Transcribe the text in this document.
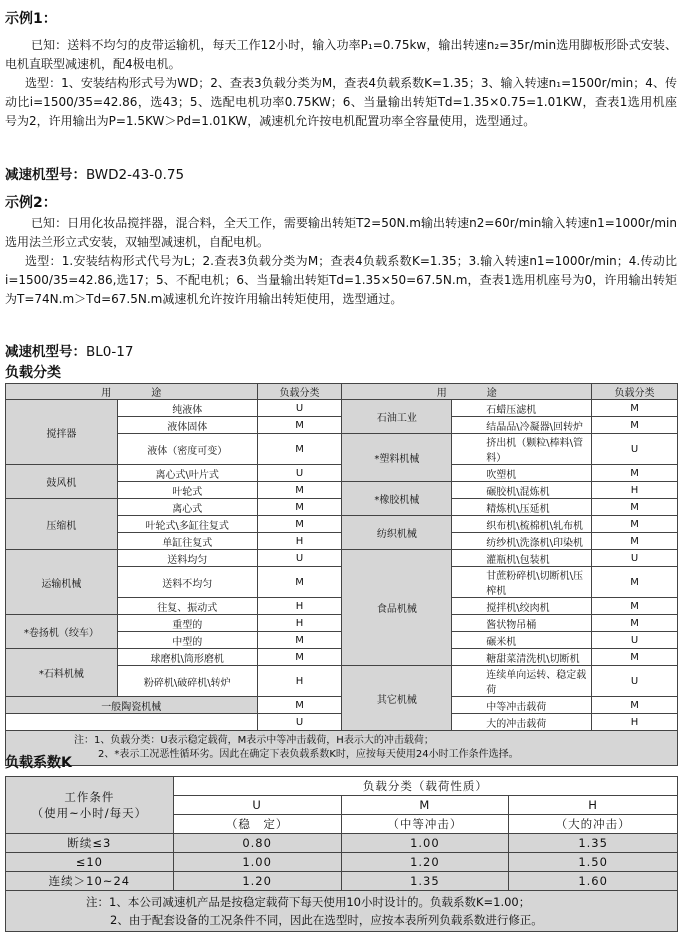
示例1：
已知：送料不均匀的皮带运输机，每天工作12小时，输入功率P₁=0.75kw，输出转速n₂=35r/min选用脚板形卧式安装、电机直联型减速机，配4极电机。
选型：1、安装结构形式号为WD；2、查表3负载分类为M，查表4负载系数K=1.35；3、输入转速n₁=1500r/min；4、传动比i=1500/35=42.86，选43；5、选配电机功率0.75KW；6、当量输出转矩Td=1.35×0.75=1.01KW，查表1选用机座号为2，许用输出为P=1.5KW＞Pd=1.01KW，减速机允许按电机配置功率全容量使用，选型通过。
减速机型号：BWD2-43-0.75
示例2：
已知：日用化妆品搅拌器，混合料，全天工作，需要输出转矩T2=50N.m输出转速n2=60r/min输入转速n1=1000r/min选用法兰形立式安装，双轴型减速机，自配电机。
选型：1.安装结构形式代号为L；2.查表3负载分类为M；查表4负载系数K=1.35；3.输入转速n1=1000r/min；4.传动比i=1500/35=42.86,选17；5、不配电机；6、当量输出转矩Td=1.35×50=67.5N.m，查表1选用机座号为0，许用输出转矩为T=74N.m＞Td=67.5N.m减速机允许按许用输出转矩使用，选型通过。
减速机型号：BL0-17
负载分类
用　　　　途		负载分类	用　　　　途		负载分类
搅拌器	纯液体	U	石油工业	石蜡压滤机	M
	液体固体	M		结晶品\冷凝器\回转炉	M
	液体（密度可变）	M	*塑料机械	挤出机（颗粒\棒料\管料）	U
鼓风机	离心式\叶片式	U		吹塑机	M
	叶轮式	M	*橡胶机械	碾胶机\混炼机	H
压缩机	离心式	M		精炼机\压延机	M
	叶轮式\多缸往复式	M	纺织机械	织布机\梳棉机\轧布机	M
	单缸往复式	H		纺纱机\洗涤机\印染机	M
运输机械	送料均匀	U	食品机械	灌瓶机\包装机	U
	送料不均匀	M		甘蔗粉碎机\切断机\压榨机	M
	往复、振动式	H		搅拌机\绞肉机	M
*卷扬机（绞车）	重型的	H		酱状物吊桶	M
	中型的	M		碾米机	U
*石料机械	球磨机\筒形磨机	M		糖甜菜清洗机\切断机	M
	粉碎机\破碎机\转炉	H	其它机械	连续单向运转、稳定载荷	U
一般陶瓷机械		M		中等冲击载荷	M
		U		大的冲击载荷	H

注：1、负载分类：U表示稳定载荷，M表示中等冲击载荷，H表示大的冲击载荷；
2、*表示工况恶性循环劣。因此在确定下表负载系数K时，应按每天使用24小时工作条件选择。					
负载系数K
工作条件
（使用~小时/每天）	负载分类（载荷性质）		
	U	M	H
	（稳　定）	（中等冲击）	（大的冲击）
断续≤3	0.80	1.00	1.35
≤10	1.00	1.20	1.50
连续＞10~24	1.20	1.35	1.60

注：1、本公司减速机产品是按稳定载荷下每天使用10小时设计的。负载系数K=1.00；
2、由于配套设备的工况条件不同，因此在选型时，应按本表所列负载系数进行修正。			
